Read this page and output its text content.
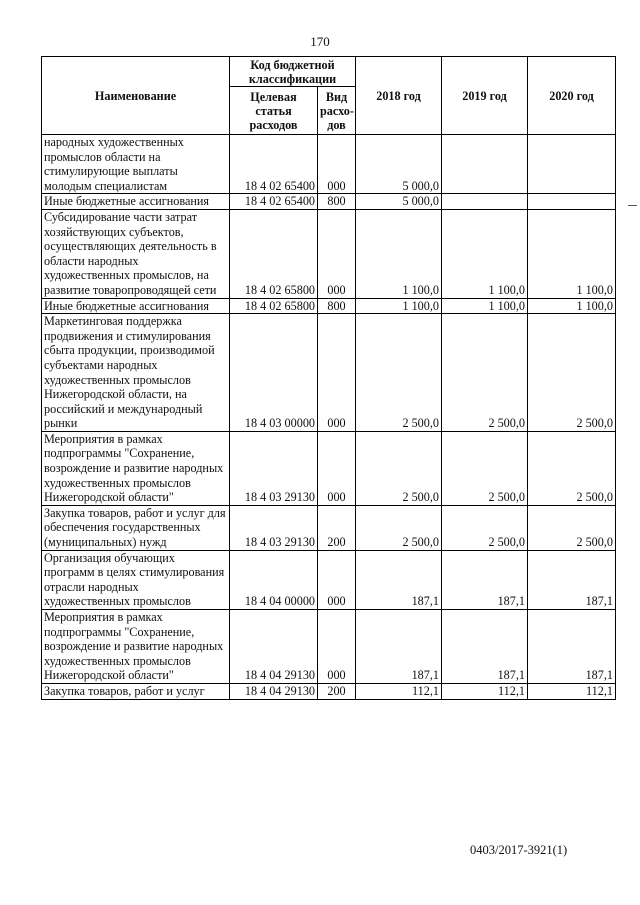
170
Наименование	Код бюджетной классификации		2018 год	2019 год	2020 год
	Целевая статья расходов	Вид расхо-дов			
народных художественных промыслов области на стимулирующие выплаты молодым специалистам	18 4 02 65400	000	5 000,0		
Иные бюджетные ассигнования	18 4 02 65400	800	5 000,0		
Субсидирование части затрат хозяйствующих субъектов, осуществляющих деятельность в области народных художественных промыслов, на развитие товаропроводящей сети	18 4 02 65800	000	1 100,0	1 100,0	1 100,0
Иные бюджетные ассигнования	18 4 02 65800	800	1 100,0	1 100,0	1 100,0
Маркетинговая поддержка продвижения и стимулирования сбыта продукции, производимой субъектами народных художественных промыслов Нижегородской области, на российский и международный рынки	18 4 03 00000	000	2 500,0	2 500,0	2 500,0
Мероприятия в рамках подпрограммы "Сохранение, возрождение и развитие народных художественных промыслов Нижегородской области"	18 4 03 29130	000	2 500,0	2 500,0	2 500,0
Закупка товаров, работ и услуг для обеспечения государственных (муниципальных) нужд	18 4 03 29130	200	2 500,0	2 500,0	2 500,0
Организация обучающих программ в целях стимулирования отрасли народных художественных промыслов	18 4 04 00000	000	187,1	187,1	187,1
Мероприятия в рамках подпрограммы "Сохранение, возрождение и развитие народных художественных промыслов Нижегородской области"	18 4 04 29130	000	187,1	187,1	187,1
Закупка товаров, работ и услуг	18 4 04 29130	200	112,1	112,1	112,1
0403/2017-3921(1)
